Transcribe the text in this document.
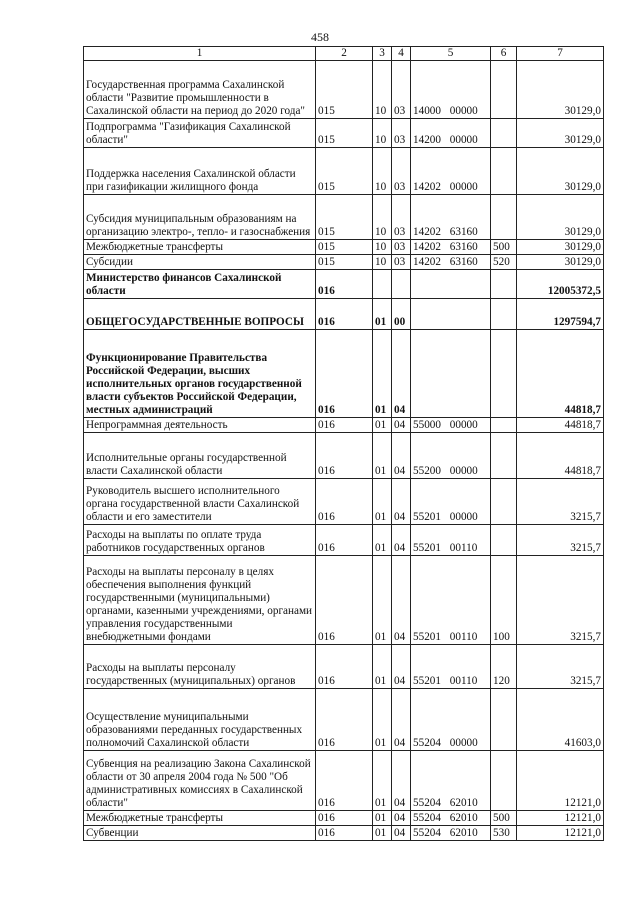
458
1	2	3	4	5	6	7
Государственная программа Сахалинской области "Развитие промышленности в Сахалинской области на период до 2020 года"	015	10	03	14000 00000		30129,0
Подпрограмма "Газификация Сахалинской области"	015	10	03	14200 00000		30129,0
Поддержка населения Сахалинской области при газификации жилищного фонда	015	10	03	14202 00000		30129,0
Субсидия муниципальным образованиям на организацию электро-, тепло- и газоснабжения	015	10	03	14202 63160		30129,0
Межбюджетные трансферты	015	10	03	14202 63160	500	30129,0
Субсидии	015	10	03	14202 63160	520	30129,0
Министерство финансов Сахалинской области	016					12005372,5
ОБЩЕГОСУДАРСТВЕННЫЕ ВОПРОСЫ	016	01	00			1297594,7
Функционирование Правительства Российской Федерации, высших исполнительных органов государственной власти субъектов Российской Федерации, местных администраций	016	01	04			44818,7
Непрограммная деятельность	016	01	04	55000 00000		44818,7
Исполнительные органы государственной власти Сахалинской области	016	01	04	55200 00000		44818,7
Руководитель высшего исполнительного органа государственной власти Сахалинской области и его заместители	016	01	04	55201 00000		3215,7
Расходы на выплаты по оплате труда работников государственных органов	016	01	04	55201 00110		3215,7
Расходы на выплаты персоналу в целях обеспечения выполнения функций государственными (муниципальными) органами, казенными учреждениями, органами управления государственными внебюджетными фондами	016	01	04	55201 00110	100	3215,7
Расходы на выплаты персоналу государственных (муниципальных) органов	016	01	04	55201 00110	120	3215,7
Осуществление муниципальными образованиями переданных государственных полномочий Сахалинской области	016	01	04	55204 00000		41603,0
Субвенция на реализацию Закона Сахалинской области от 30 апреля 2004 года № 500 "Об административных комиссиях в Сахалинской области"	016	01	04	55204 62010		12121,0
Межбюджетные трансферты	016	01	04	55204 62010	500	12121,0
Субвенции	016	01	04	55204 62010	530	12121,0
